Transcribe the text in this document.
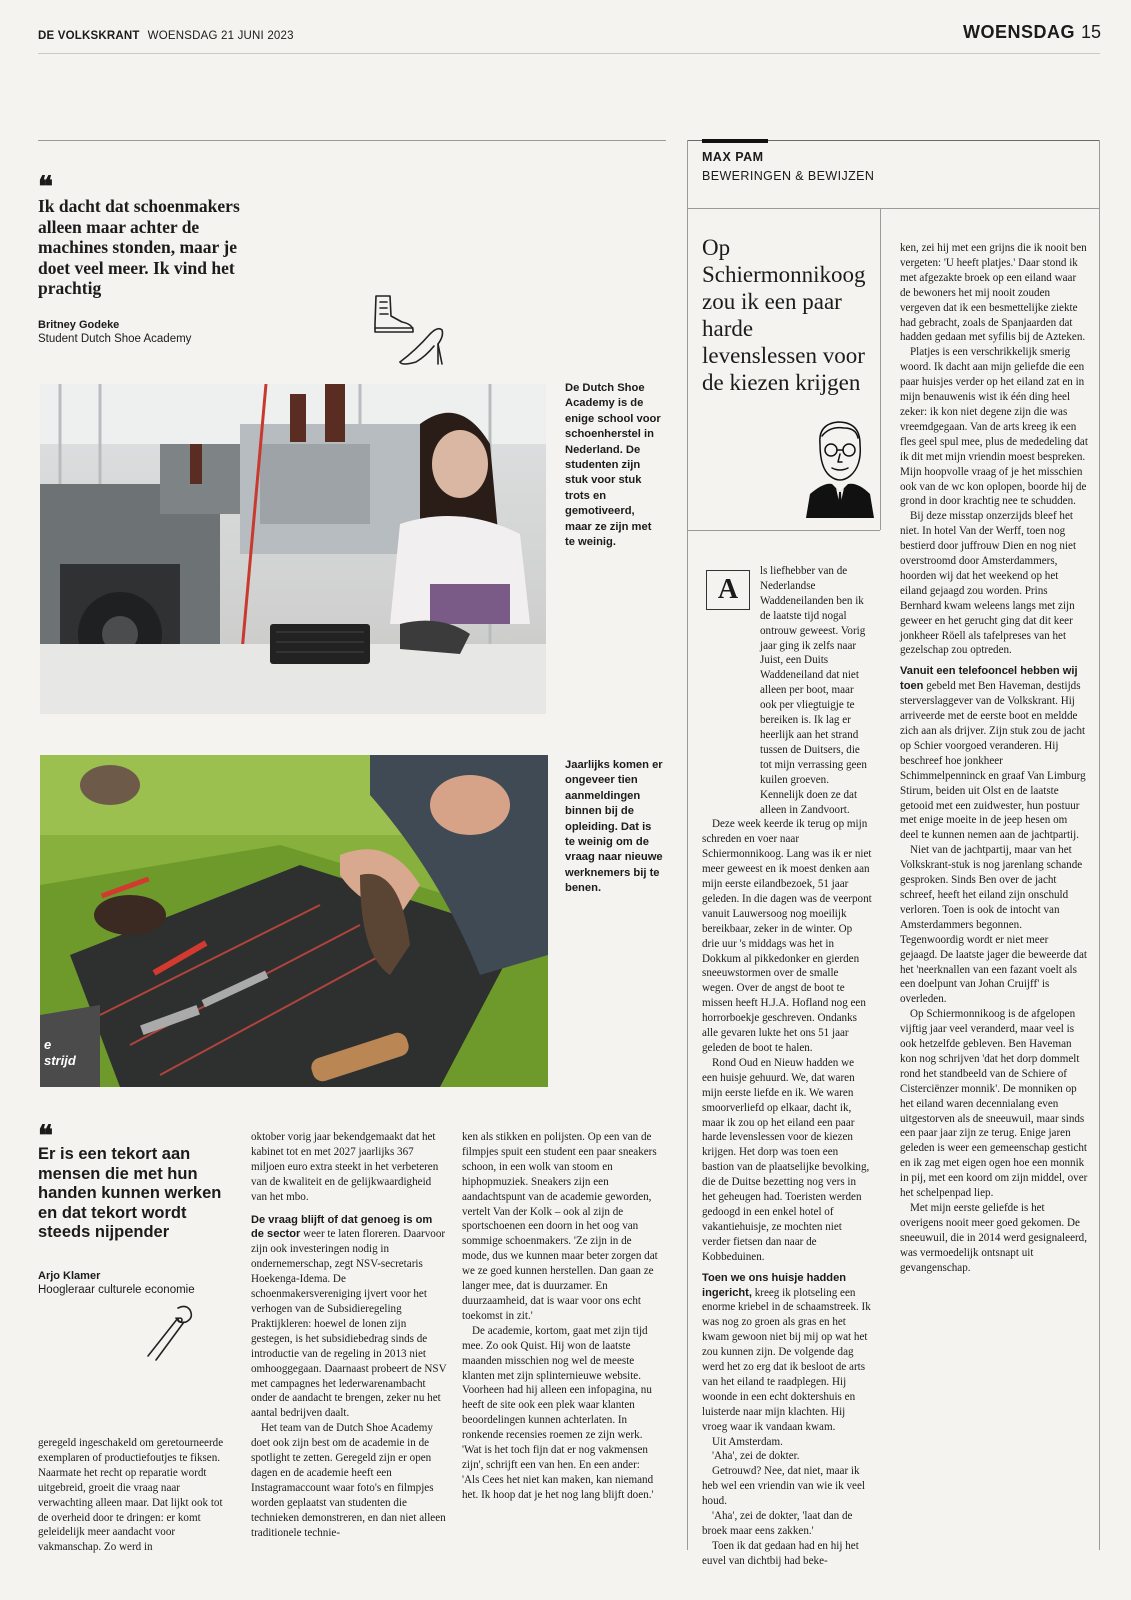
DE VOLKSKRANT WOENSDAG 21 JUNI 2023	WOENSDAG 15
❝
Ik dacht dat schoenmakers alleen maar achter de machines stonden, maar je doet veel meer. Ik vind het prachtig
Britney Godeke
Student Dutch Shoe Academy
De Dutch Shoe Academy is de enige school voor schoenherstel in Nederland. De studenten zijn stuk voor stuk trots en gemotiveerd, maar ze zijn met te weinig.
e strijd
Jaarlijks komen er ongeveer tien aanmeldingen binnen bij de opleiding. Dat is te weinig om de vraag naar nieuwe werknemers bij te benen.
❝
Er is een tekort aan mensen die met hun handen kunnen werken en dat tekort wordt steeds nijpender
Arjo Klamer
Hoogleraar culturele economie

geregeld ingeschakeld om geretourneerde exemplaren of productiefoutjes te fiksen. Naarmate het recht op reparatie wordt uitgebreid, groeit die vraag naar verwachting alleen maar. Dat lijkt ook tot de overheid door te dringen: er komt geleidelijk meer aandacht voor vakmanschap. Zo werd in

oktober vorig jaar bekendgemaakt dat het kabinet tot en met 2027 jaarlijks 367 miljoen euro extra steekt in het verbeteren van de kwaliteit en de gelijkwaardigheid van het mbo.

De vraag blijft of dat genoeg is om de sector weer te laten floreren. Daarvoor zijn ook investeringen nodig in ondernemerschap, zegt NSV-secretaris Hoekenga-Idema. De schoenmakersvereniging ijvert voor het verhogen van de Subsidieregeling Praktijkleren: hoewel de lonen zijn gestegen, is het subsidiebedrag sinds de introductie van de regeling in 2013 niet omhooggegaan. Daarnaast probeert de NSV met campagnes het lederwarenambacht onder de aandacht te brengen, zeker nu het aantal bedrijven daalt.

Het team van de Dutch Shoe Academy doet ook zijn best om de academie in de spotlight te zetten. Geregeld zijn er open dagen en de academie heeft een Instagramaccount waar foto's en filmpjes worden geplaatst van studenten die technieken demonstreren, en dan niet alleen traditionele technie-

ken als stikken en polijsten. Op een van de filmpjes spuit een student een paar sneakers schoon, in een wolk van stoom en hiphopmuziek. Sneakers zijn een aandachtspunt van de academie geworden, vertelt Van der Kolk – ook al zijn de sportschoenen een doorn in het oog van sommige schoenmakers. 'Ze zijn in de mode, dus we kunnen maar beter zorgen dat we ze goed kunnen herstellen. Dan gaan ze langer mee, dat is duurzamer. En duurzaamheid, dat is waar voor ons echt toekomst in zit.'

De academie, kortom, gaat met zijn tijd mee. Zo ook Quist. Hij won de laatste maanden misschien nog wel de meeste klanten met zijn splinternieuwe website. Voorheen had hij alleen een infopagina, nu heeft de site ook een plek waar klanten beoordelingen kunnen achterlaten. In ronkende recensies roemen ze zijn werk. 'Wat is het toch fijn dat er nog vakmensen zijn', schrijft een van hen. En een ander: 'Als Cees het niet kan maken, kan niemand het. Ik hoop dat je het nog lang blijft doen.'

MAX PAM
BEWERINGEN & BEWIJZEN
Op Schiermonnikoog zou ik een paar harde levenslessen voor de kiezen krijgen
A

ls liefhebber van de Nederlandse Waddeneilanden ben ik de laatste tijd nogal ontrouw geweest. Vorig jaar ging ik zelfs naar Juist, een Duits Waddeneiland dat niet alleen per boot, maar ook per vliegtuigje te bereiken is. Ik lag er heerlijk aan het strand tussen de Duitsers, die tot mijn verrassing geen kuilen groeven. Kennelijk doen ze dat alleen in Zandvoort.

Deze week keerde ik terug op mijn schreden en voer naar Schiermonnikoog. Lang was ik er niet meer geweest en ik moest denken aan mijn eerste eilandbezoek, 51 jaar geleden. In die dagen was de veerpont vanuit Lauwersoog nog moeilijk bereikbaar, zeker in de winter. Op drie uur 's middags was het in Dokkum al pikkedonker en gierden sneeuwstormen over de smalle wegen. Over de angst de boot te missen heeft H.J.A. Hofland nog een horrorboekje geschreven. Ondanks alle gevaren lukte het ons 51 jaar geleden de boot te halen.

Rond Oud en Nieuw hadden we een huisje gehuurd. We, dat waren mijn eerste liefde en ik. We waren smoorverliefd op elkaar, dacht ik, maar ik zou op het eiland een paar harde levenslessen voor de kiezen krijgen. Het dorp was toen een bastion van de plaatselijke bevolking, die de Duitse bezetting nog vers in het geheugen had. Toeristen werden gedoogd in een enkel hotel of vakantiehuisje, ze mochten niet verder fietsen dan naar de Kobbeduinen.

Toen we ons huisje hadden ingericht, kreeg ik plotseling een enorme kriebel in de schaamstreek. Ik was nog zo groen als gras en het kwam gewoon niet bij mij op wat het zou kunnen zijn. De volgende dag werd het zo erg dat ik besloot de arts van het eiland te raadplegen. Hij woonde in een echt doktershuis en luisterde naar mijn klachten. Hij vroeg waar ik vandaan kwam.

Uit Amsterdam.

'Aha', zei de dokter.

Getrouwd? Nee, dat niet, maar ik heb wel een vriendin van wie ik veel houd.

'Aha', zei de dokter, 'laat dan de broek maar eens zakken.'

Toen ik dat gedaan had en hij het euvel van dichtbij had beke-

ken, zei hij met een grijns die ik nooit ben vergeten: 'U heeft platjes.' Daar stond ik met afgezakte broek op een eiland waar de bewoners het mij nooit zouden vergeven dat ik een besmettelijke ziekte had gebracht, zoals de Spanjaarden dat hadden gedaan met syfilis bij de Azteken.

Platjes is een verschrikkelijk smerig woord. Ik dacht aan mijn geliefde die een paar huisjes verder op het eiland zat en in mijn benauwenis wist ik één ding heel zeker: ik kon niet degene zijn die was vreemdgegaan. Van de arts kreeg ik een fles geel spul mee, plus de mededeling dat ik dit met mijn vriendin moest bespreken. Mijn hoopvolle vraag of je het misschien ook van de wc kon oplopen, boorde hij de grond in door krachtig nee te schudden.

Bij deze misstap onzerzijds bleef het niet. In hotel Van der Werff, toen nog bestierd door juffrouw Dien en nog niet overstroomd door Amsterdammers, hoorden wij dat het weekend op het eiland gejaagd zou worden. Prins Bernhard kwam weleens langs met zijn geweer en het gerucht ging dat dit keer jonkheer Röell als tafelpreses van het gezelschap zou optreden.

Vanuit een telefooncel hebben wij toen gebeld met Ben Haveman, destijds sterverslaggever van de Volkskrant. Hij arriveerde met de eerste boot en meldde zich aan als drijver. Zijn stuk zou de jacht op Schier voorgoed veranderen. Hij beschreef hoe jonkheer Schimmelpenninck en graaf Van Limburg Stirum, beiden uit Olst en de laatste getooid met een zuidwester, hun postuur met enige moeite in de jeep hesen om deel te kunnen nemen aan de jachtpartij.

Niet van de jachtpartij, maar van het Volkskrant-stuk is nog jarenlang schande gesproken. Sinds Ben over de jacht schreef, heeft het eiland zijn onschuld verloren. Toen is ook de intocht van Amsterdammers begonnen. Tegenwoordig wordt er niet meer gejaagd. De laatste jager die beweerde dat het 'neerknallen van een fazant voelt als een doelpunt van Johan Cruijff' is overleden.

Op Schiermonnikoog is de afgelopen vijftig jaar veel veranderd, maar veel is ook hetzelfde gebleven. Ben Haveman kon nog schrijven 'dat het dorp dommelt rond het standbeeld van de Schiere of Cisterciënzer monnik'. De monniken op het eiland waren decennialang even uitgestorven als de sneeuwuil, maar sinds een paar jaar zijn ze terug. Enige jaren geleden is weer een gemeenschap gesticht en ik zag met eigen ogen hoe een monnik in pij, met een koord om zijn middel, over het schelpenpad liep.

Met mijn eerste geliefde is het overigens nooit meer goed gekomen. De sneeuwuil, die in 2014 werd gesignaleerd, was vermoedelijk ontsnapt uit gevangenschap.
